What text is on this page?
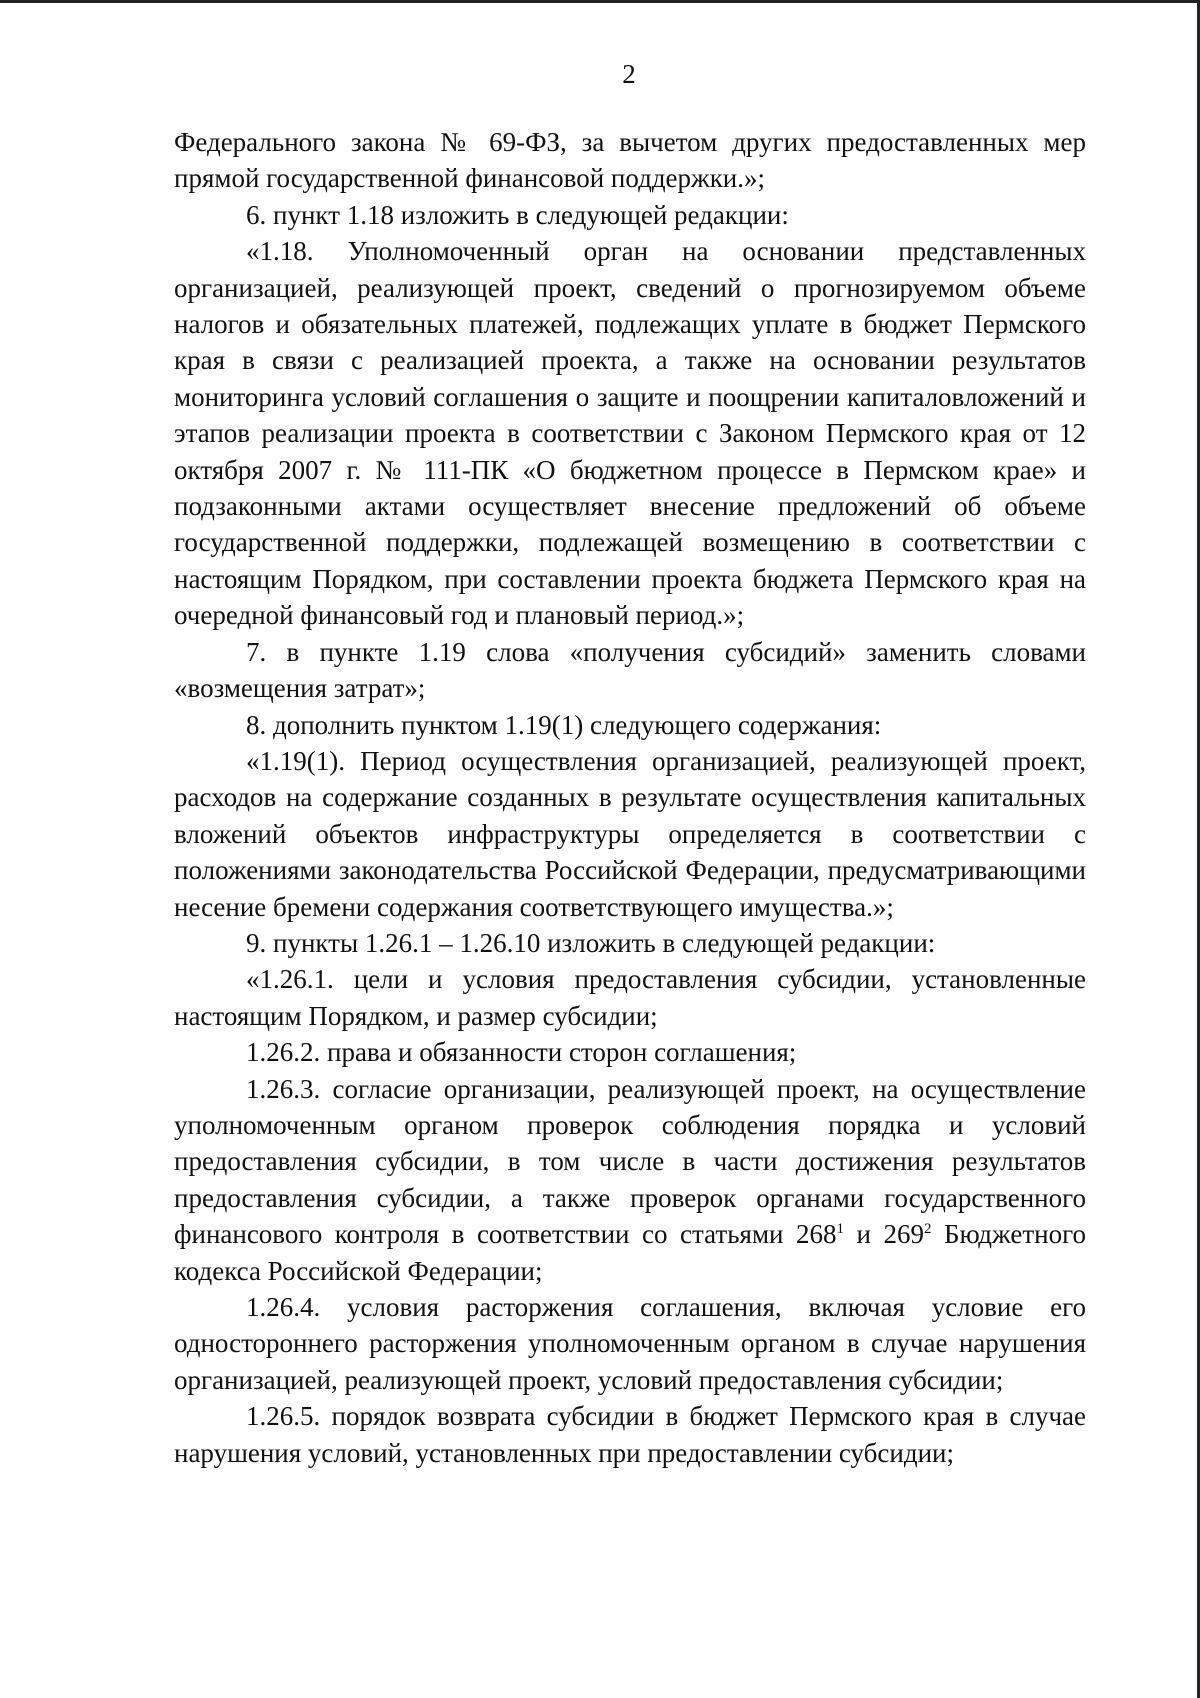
2

Федерального закона № 69-ФЗ, за вычетом других предоставленных мер прямой государственной финансовой поддержки.»;

6. пункт 1.18 изложить в следующей редакции:

«1.18. Уполномоченный орган на основании представленных организацией, реализующей проект, сведений о прогнозируемом объеме налогов и обязательных платежей, подлежащих уплате в бюджет Пермского края в связи с реализацией проекта, а также на основании результатов мониторинга условий соглашения о защите и поощрении капиталовложений и этапов реализации проекта в соответствии с Законом Пермского края от 12 октября 2007 г. № 111-ПК «О бюджетном процессе в Пермском крае» и подзаконными актами осуществляет внесение предложений об объеме государственной поддержки, подлежащей возмещению в соответствии с настоящим Порядком, при составлении проекта бюджета Пермского края на очередной финансовый год и плановый период.»;

7. в пункте 1.19 слова «получения субсидий» заменить словами «возмещения затрат»;

8. дополнить пунктом 1.19(1) следующего содержания:

«1.19(1). Период осуществления организацией, реализующей проект, расходов на содержание созданных в результате осуществления капитальных вложений объектов инфраструктуры определяется в соответствии с положениями законодательства Российской Федерации, предусматривающими несение бремени содержания соответствующего имущества.»;

9. пункты 1.26.1 – 1.26.10 изложить в следующей редакции:

«1.26.1. цели и условия предоставления субсидии, установленные настоящим Порядком, и размер субсидии;

1.26.2. права и обязанности сторон соглашения;

1.26.3. согласие организации, реализующей проект, на осуществление уполномоченным органом проверок соблюдения порядка и условий предоставления субсидии, в том числе в части достижения результатов предоставления субсидии, а также проверок органами государственного финансового контроля в соответствии со статьями $268^1$ и $269^2$ Бюджетного кодекса Российской Федерации;

1.26.4. условия расторжения соглашения, включая условие его одностороннего расторжения уполномоченным органом в случае нарушения организацией, реализующей проект, условий предоставления субсидии;

1.26.5. порядок возврата субсидии в бюджет Пермского края в случае нарушения условий, установленных при предоставлении субсидии;
